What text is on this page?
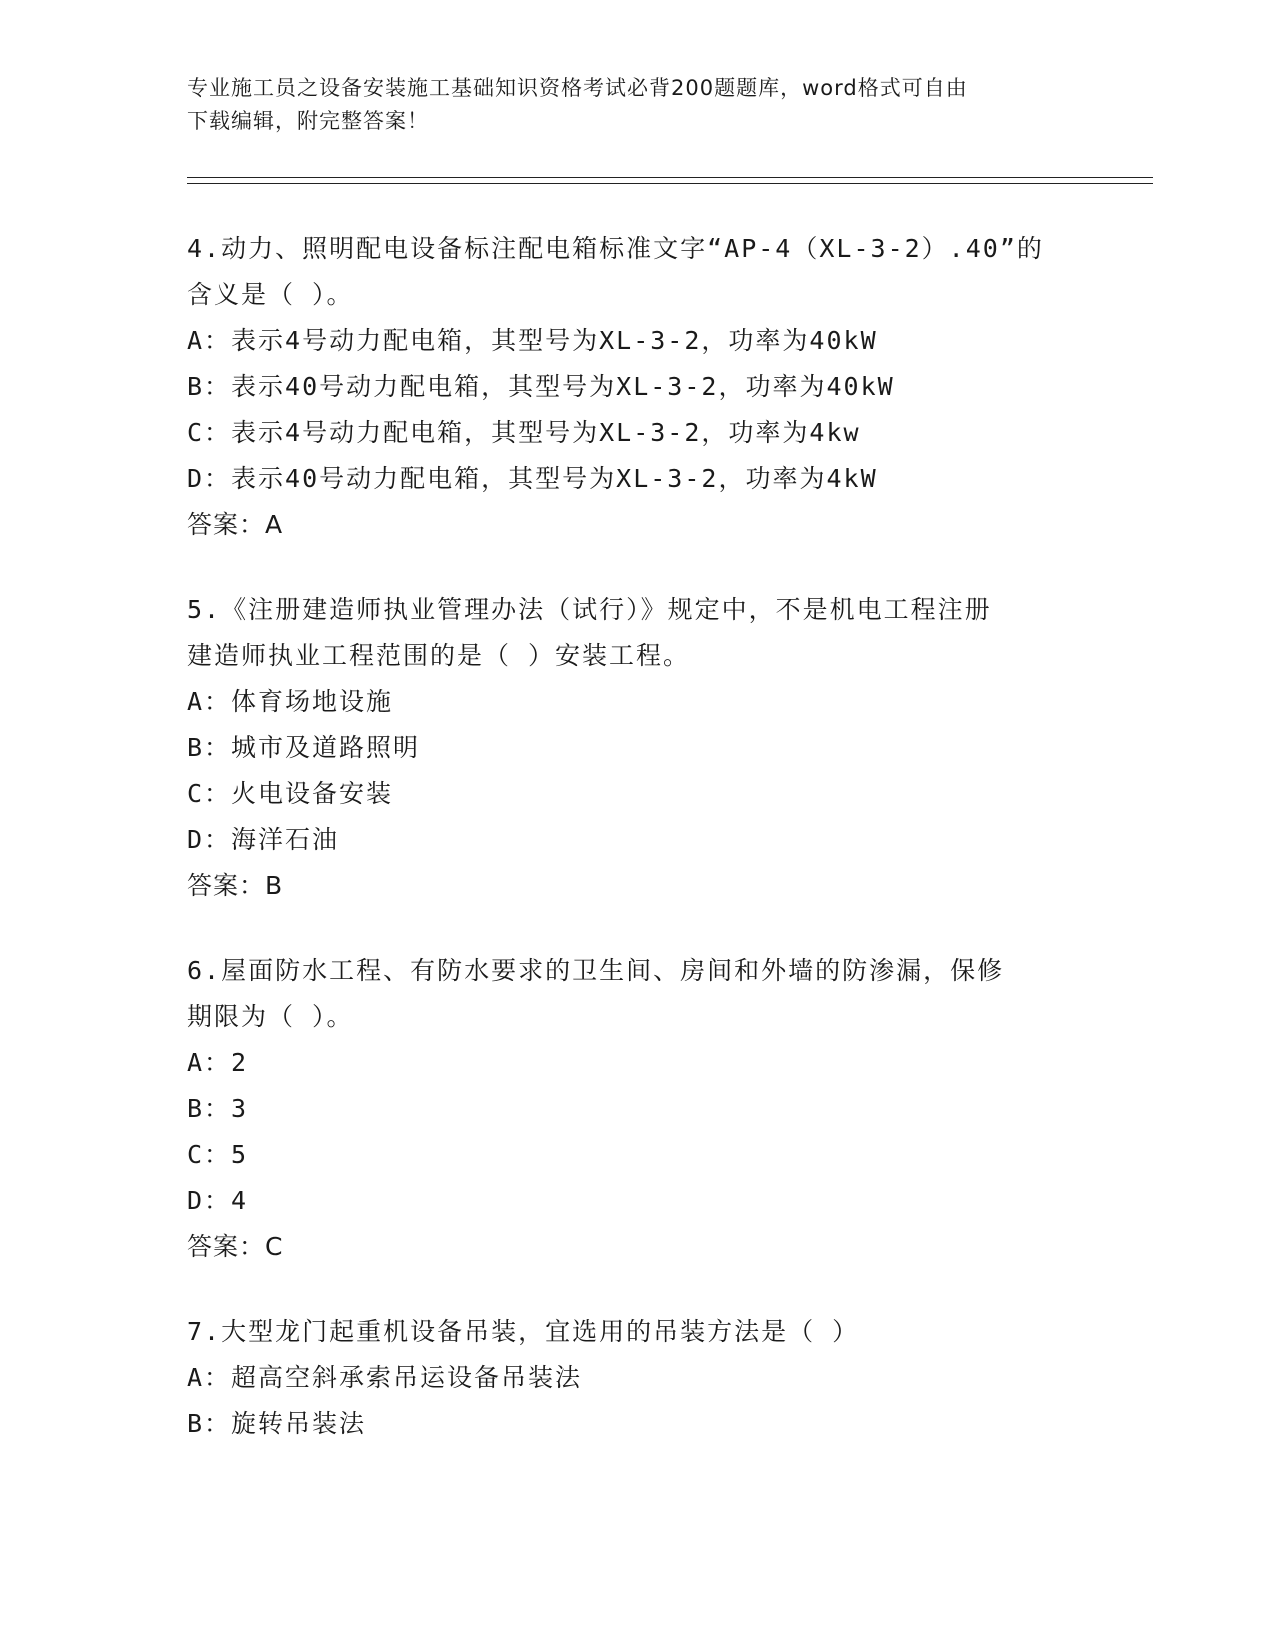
专业施工员之设备安装施工基础知识资格考试必背200题题库，word格式可自由
下载编辑，附完整答案！
4.动力、照明配电设备标注配电箱标准文字“AP-4（XL-3-2）.40”的
含义是（ ）。
A：表示4号动力配电箱，其型号为XL-3-2，功率为40kW
B：表示40号动力配电箱，其型号为XL-3-2，功率为40kW
C：表示4号动力配电箱，其型号为XL-3-2，功率为4kw
D：表示40号动力配电箱，其型号为XL-3-2，功率为4kW
答案：A
5.《注册建造师执业管理办法（试行）》规定中，不是机电工程注册
建造师执业工程范围的是（ ）安装工程。
A：体育场地设施
B：城市及道路照明
C：火电设备安装
D：海洋石油
答案：B
6.屋面防水工程、有防水要求的卫生间、房间和外墙的防渗漏，保修
期限为（ ）。
A：2
B：3
C：5
D：4
答案：C
7.大型龙门起重机设备吊装，宜选用的吊装方法是（ ）
A：超高空斜承索吊运设备吊装法
B：旋转吊装法
